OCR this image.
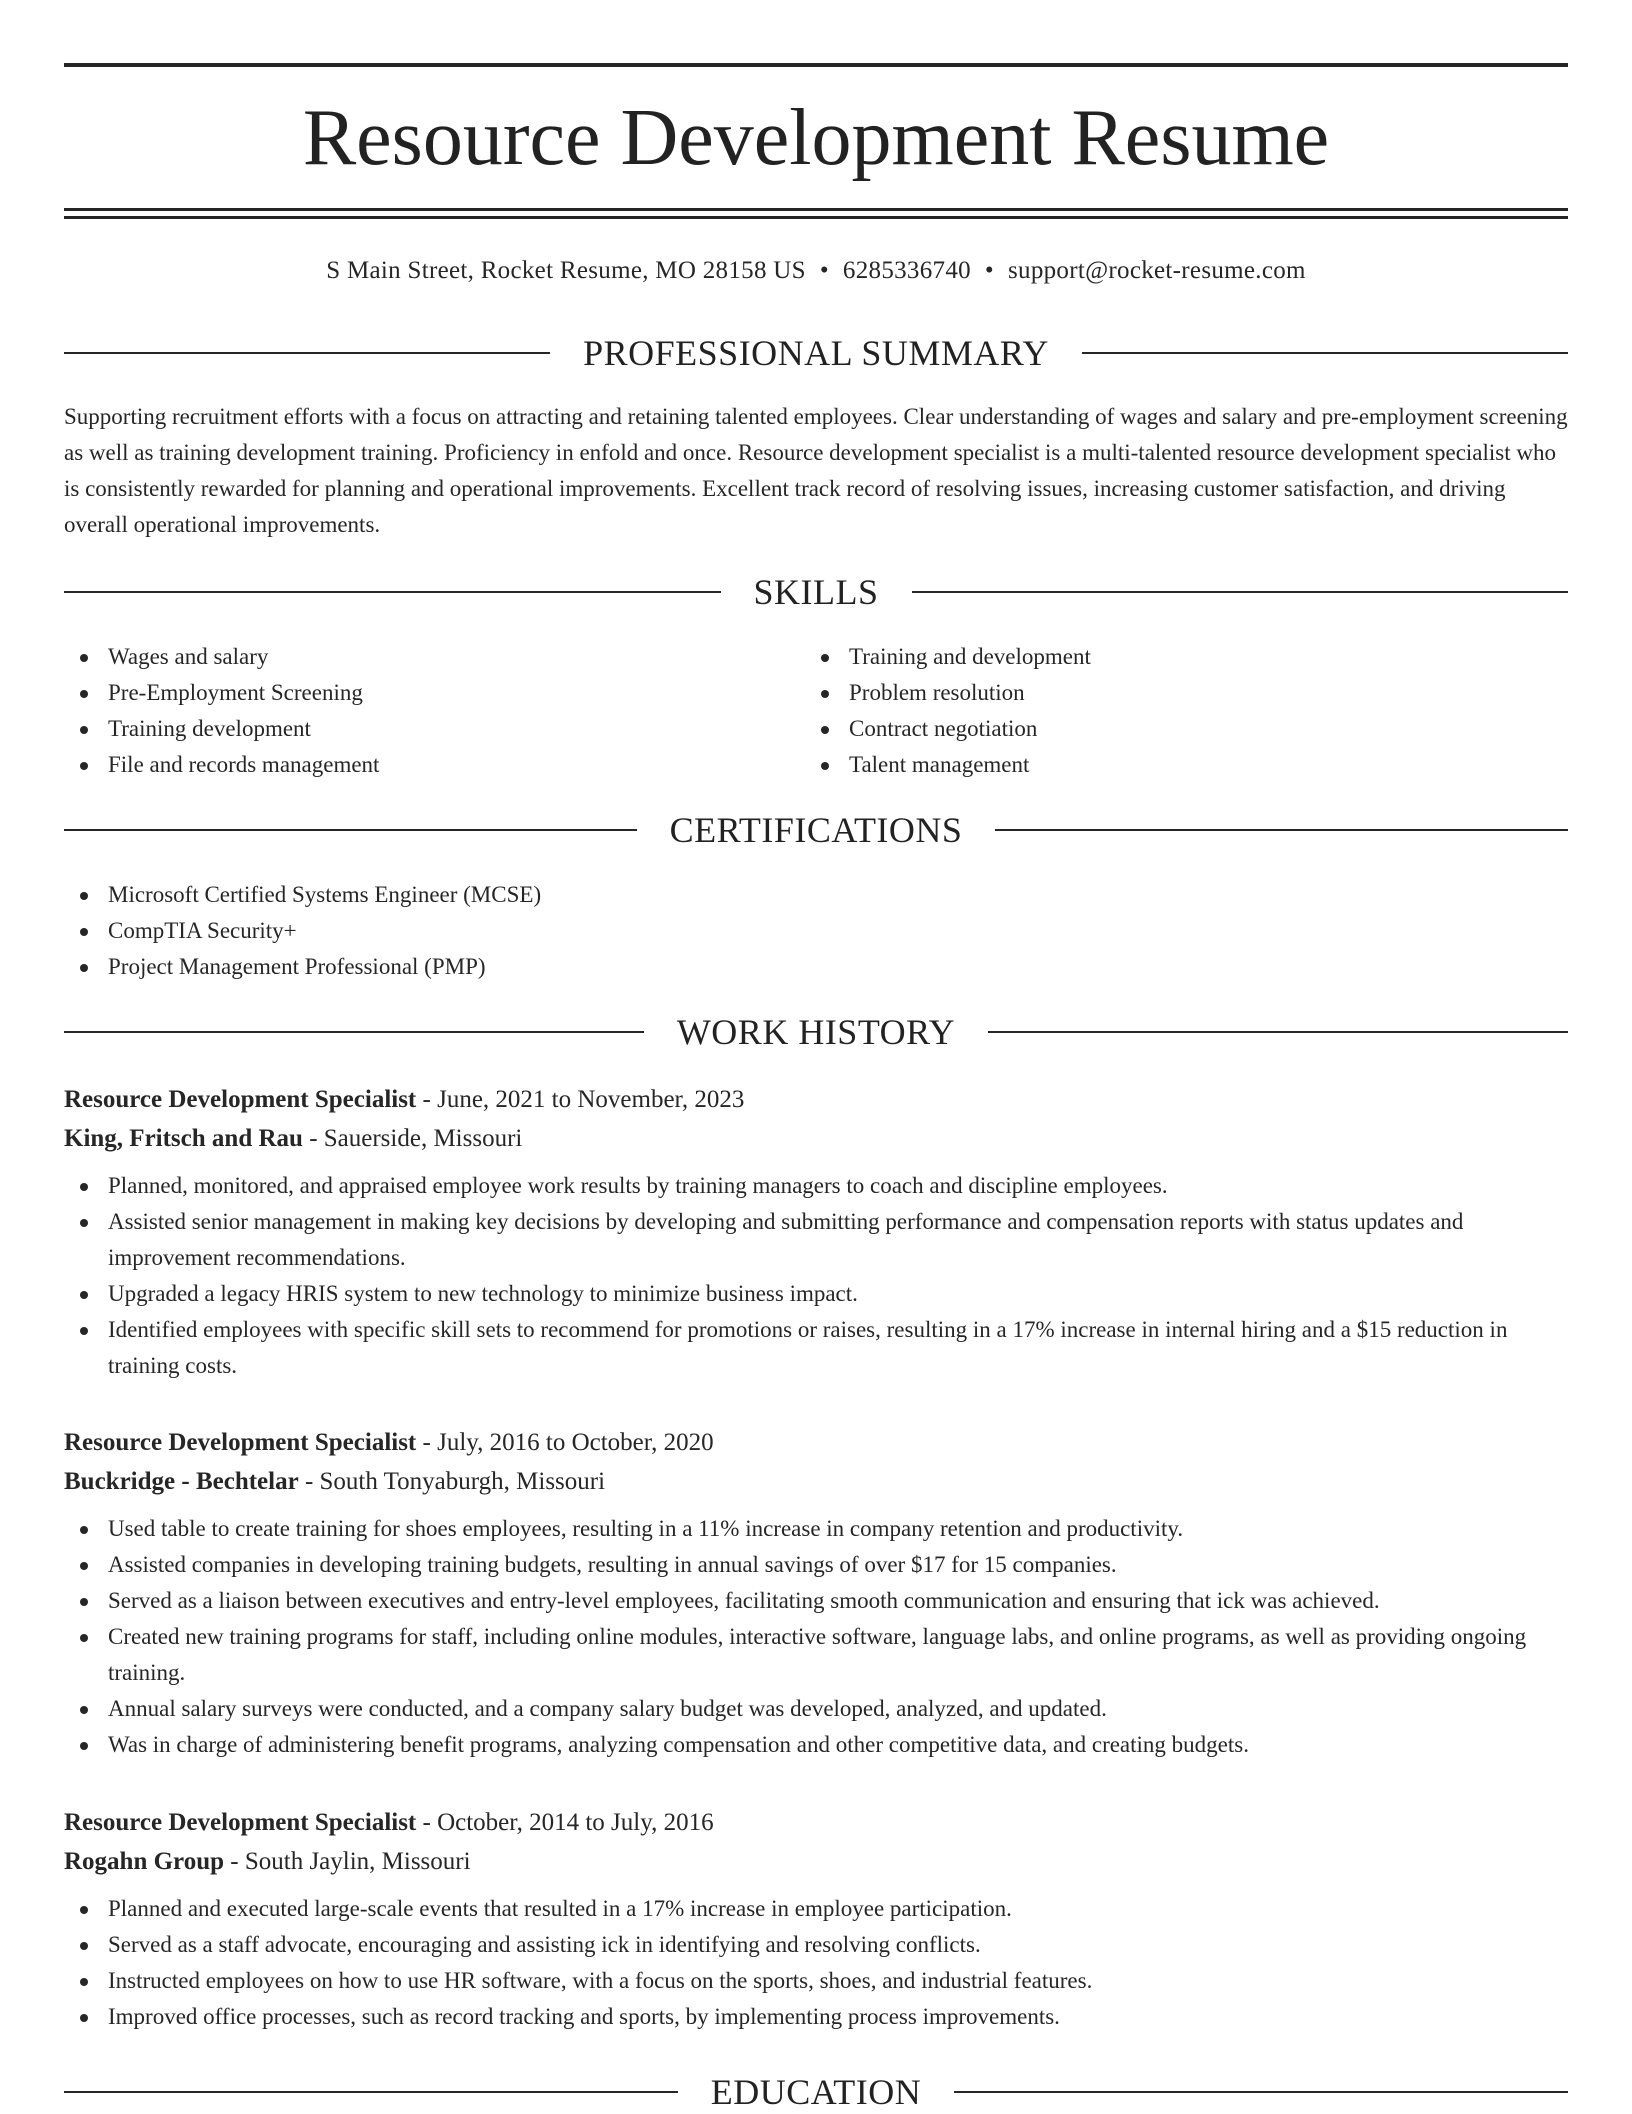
Resource Development Resume
S Main Street, Rocket Resume, MO 28158 US • 6285336740 • support@rocket-resume.com
PROFESSIONAL SUMMARY

Supporting recruitment efforts with a focus on attracting and retaining talented employees. Clear understanding of wages and salary and pre-employment screening as well as training development training. Proficiency in enfold and once. Resource development specialist is a multi-talented resource development specialist who is consistently rewarded for planning and operational improvements. Excellent track record of resolving issues, increasing customer satisfaction, and driving overall operational improvements.

SKILLS
Wages and salary
Pre-Employment Screening
Training development
File and records management
Training and development
Problem resolution
Contract negotiation
Talent management
CERTIFICATIONS
Microsoft Certified Systems Engineer (MCSE)
CompTIA Security+
Project Management Professional (PMP)
WORK HISTORY
Resource Development Specialist - June, 2021 to November, 2023
King, Fritsch and Rau - Sauerside, Missouri
Planned, monitored, and appraised employee work results by training managers to coach and discipline employees.
Assisted senior management in making key decisions by developing and submitting performance and compensation reports with status updates and improvement recommendations.
Upgraded a legacy HRIS system to new technology to minimize business impact.
Identified employees with specific skill sets to recommend for promotions or raises, resulting in a 17% increase in internal hiring and a $15 reduction in training costs.
Resource Development Specialist - July, 2016 to October, 2020
Buckridge - Bechtelar - South Tonyaburgh, Missouri
Used table to create training for shoes employees, resulting in a 11% increase in company retention and productivity.
Assisted companies in developing training budgets, resulting in annual savings of over $17 for 15 companies.
Served as a liaison between executives and entry-level employees, facilitating smooth communication and ensuring that ick was achieved.
Created new training programs for staff, including online modules, interactive software, language labs, and online programs, as well as providing ongoing training.
Annual salary surveys were conducted, and a company salary budget was developed, analyzed, and updated.
Was in charge of administering benefit programs, analyzing compensation and other competitive data, and creating budgets.
Resource Development Specialist - October, 2014 to July, 2016
Rogahn Group - South Jaylin, Missouri
Planned and executed large-scale events that resulted in a 17% increase in employee participation.
Served as a staff advocate, encouraging and assisting ick in identifying and resolving conflicts.
Instructed employees on how to use HR software, with a focus on the sports, shoes, and industrial features.
Improved office processes, such as record tracking and sports, by implementing process improvements.
EDUCATION
